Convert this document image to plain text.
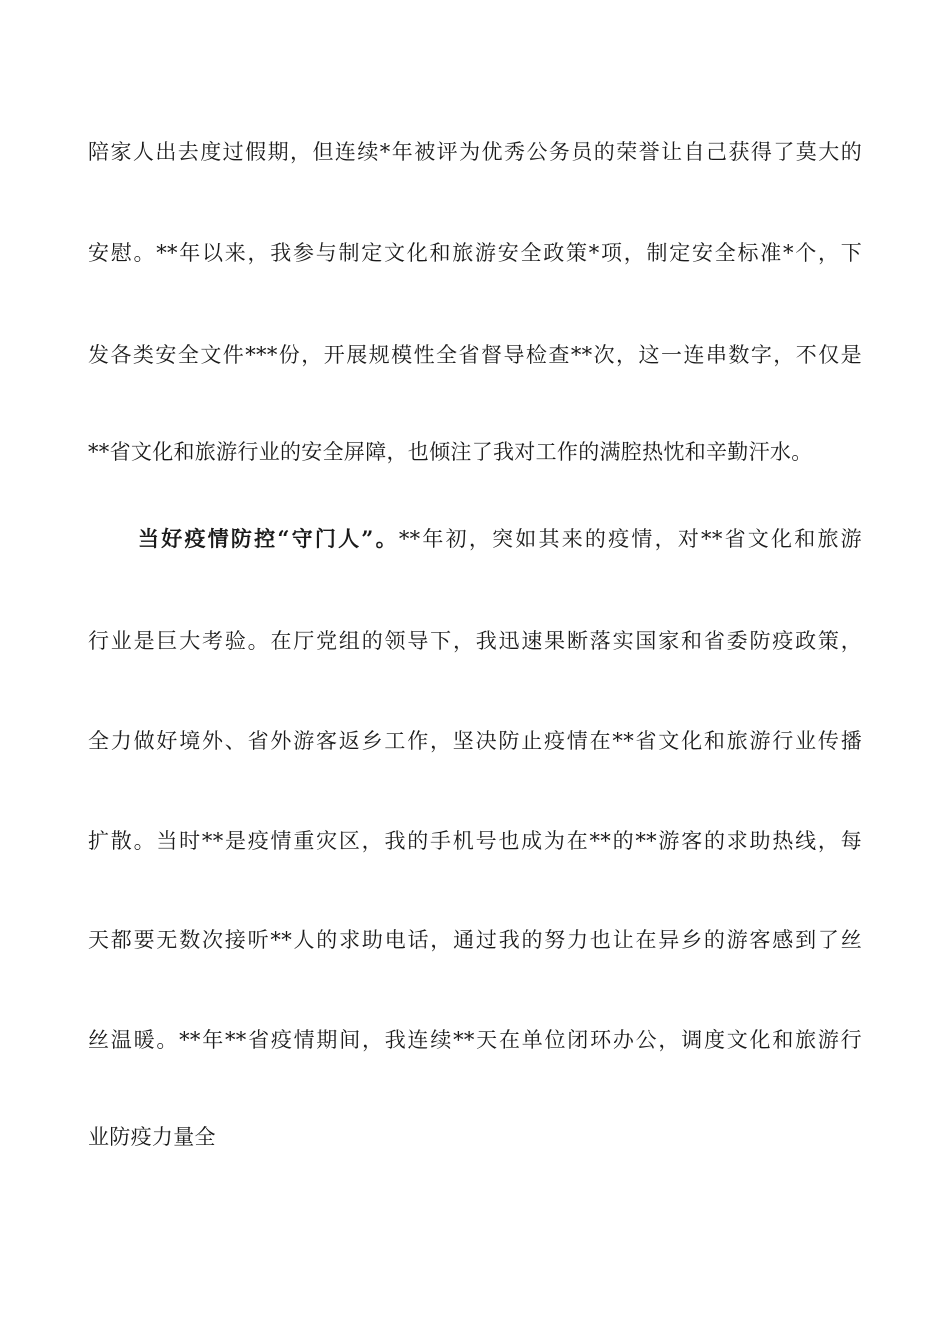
陪家人出去度过假期，但连续*年被评为优秀公务员的荣誉让自己获得了莫大的
安慰。**年以来，我参与制定文化和旅游安全政策*项，制定安全标准*个，下
发各类安全文件***份，开展规模性全省督导检查**次，这一连串数字，不仅是
**省文化和旅游行业的安全屏障，也倾注了我对工作的满腔热忱和辛勤汗水。
当好疫情防控“守门人”。**年初，突如其来的疫情，对**省文化和旅游
行业是巨大考验。在厅党组的领导下，我迅速果断落实国家和省委防疫政策，
全力做好境外、省外游客返乡工作，坚决防止疫情在**省文化和旅游行业传播
扩散。当时**是疫情重灾区，我的手机号也成为在**的**游客的求助热线，每
天都要无数次接听**人的求助电话，通过我的努力也让在异乡的游客感到了丝
丝温暖。**年**省疫情期间，我连续**天在单位闭环办公，调度文化和旅游行
业防疫力量全
